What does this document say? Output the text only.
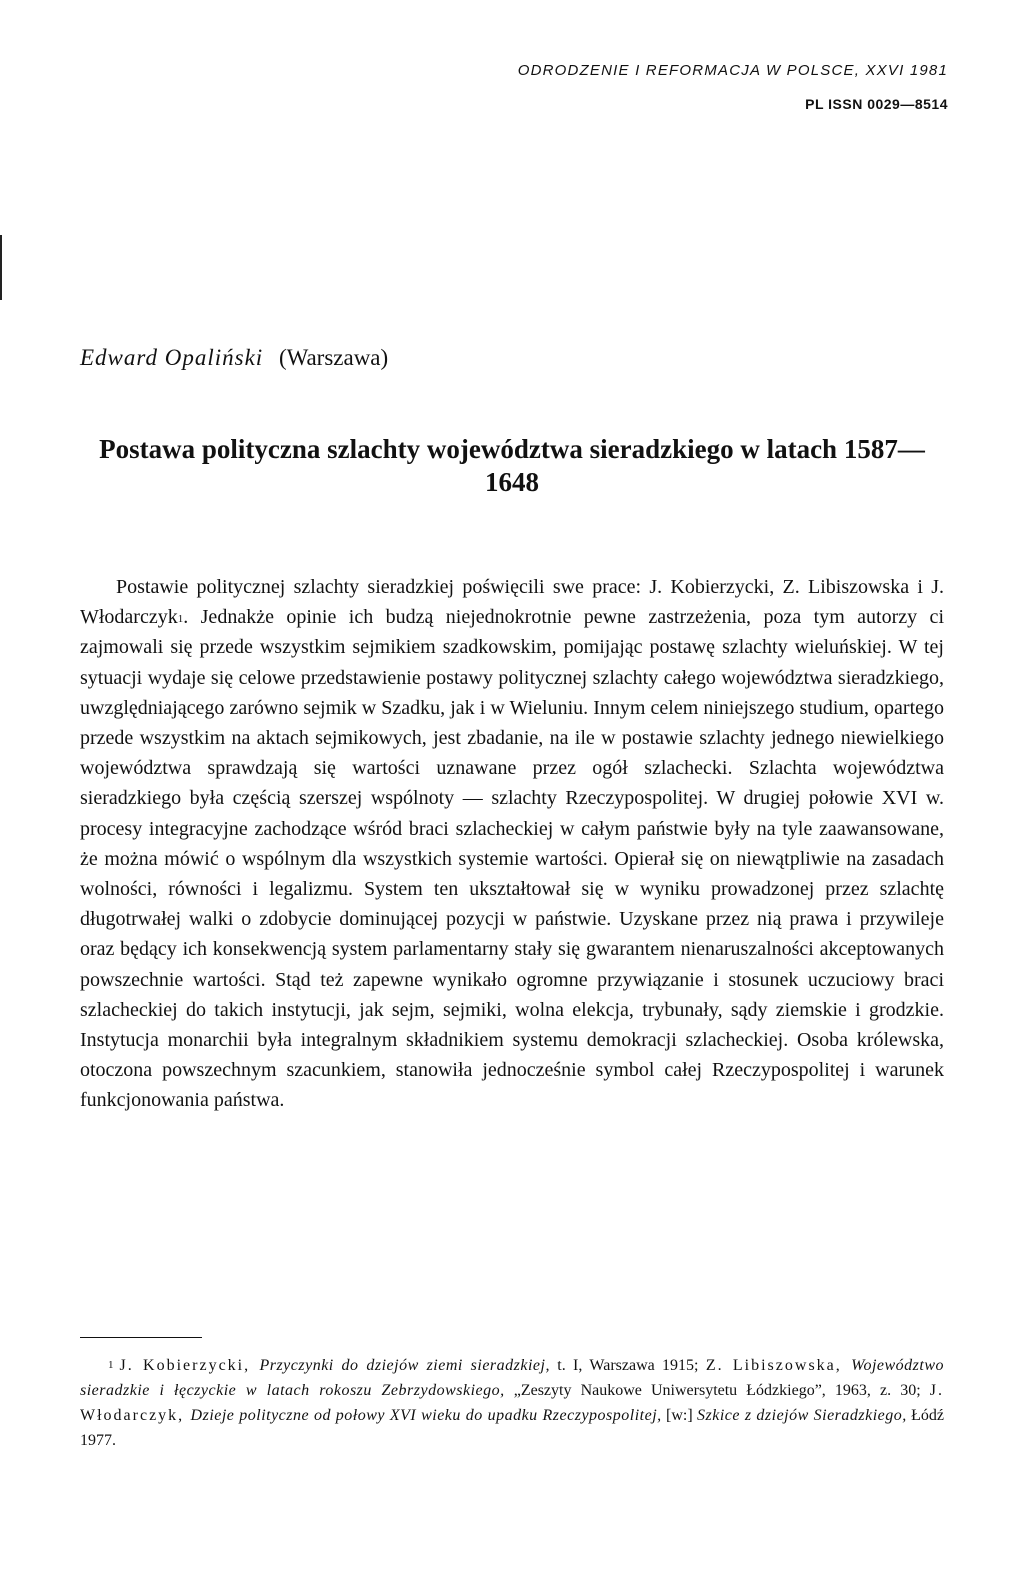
ODRODZENIE I REFORMACJA W POLSCE, XXVI 1981
PL ISSN 0029—8514
Edward Opaliński (Warszawa)
Postawa polityczna szlachty województwa sieradzkiego w latach 1587—1648

Postawie politycznej szlachty sieradzkiej poświęcili swe prace: J. Kobierzycki, Z. Libiszowska i J. Włodarczyk$^1$. Jednakże opinie ich budzą niejednokrotnie pewne zastrzeżenia, poza tym autorzy ci zajmowali się przede wszystkim sejmikiem szadkowskim, pomijając postawę szlachty wieluńskiej. W tej sytuacji wydaje się celowe przedstawienie postawy politycznej szlachty całego województwa sieradzkiego, uwzględniającego zarówno sejmik w Szadku, jak i w Wieluniu. Innym celem niniejszego studium, opartego przede wszystkim na aktach sejmikowych, jest zbadanie, na ile w postawie szlachty jednego niewielkiego województwa sprawdzają się wartości uznawane przez ogół szlachecki. Szlachta województwa sieradzkiego była częścią szerszej wspólnoty — szlachty Rzeczypospolitej. W drugiej połowie XVI w. procesy integracyjne zachodzące wśród braci szlacheckiej w całym państwie były na tyle zaawansowane, że można mówić o wspólnym dla wszystkich systemie wartości. Opierał się on niewątpliwie na zasadach wolności, równości i legalizmu. System ten ukształtował się w wyniku prowadzonej przez szlachtę długotrwałej walki o zdobycie dominującej pozycji w państwie. Uzyskane przez nią prawa i przywileje oraz będący ich konsekwencją system parlamentarny stały się gwarantem nienaruszalności akceptowanych powszechnie wartości. Stąd też zapewne wynikało ogromne przywiązanie i stosunek uczuciowy braci szlacheckiej do takich instytucji, jak sejm, sejmiki, wolna elekcja, trybunały, sądy ziemskie i grodzkie. Instytucja monarchii była integralnym składnikiem systemu demokracji szlacheckiej. Osoba królewska, otoczona powszechnym szacunkiem, stanowiła jednocześnie symbol całej Rzeczypospolitej i warunek funkcjonowania państwa.

$^1$ J. Kobierzycki, Przyczynki do dziejów ziemi sieradzkiej, t. I, Warszawa 1915; Z. Libiszowska, Województwo sieradzkie i łęczyckie w latach rokoszu Zebrzydowskiego, „Zeszyty Naukowe Uniwersytetu Łódzkiego”, 1963, z. 30; J. Włodarczyk, Dzieje polityczne od połowy XVI wieku do upadku Rzeczypospolitej, [w:] Szkice z dziejów Sieradzkiego, Łódź 1977.
